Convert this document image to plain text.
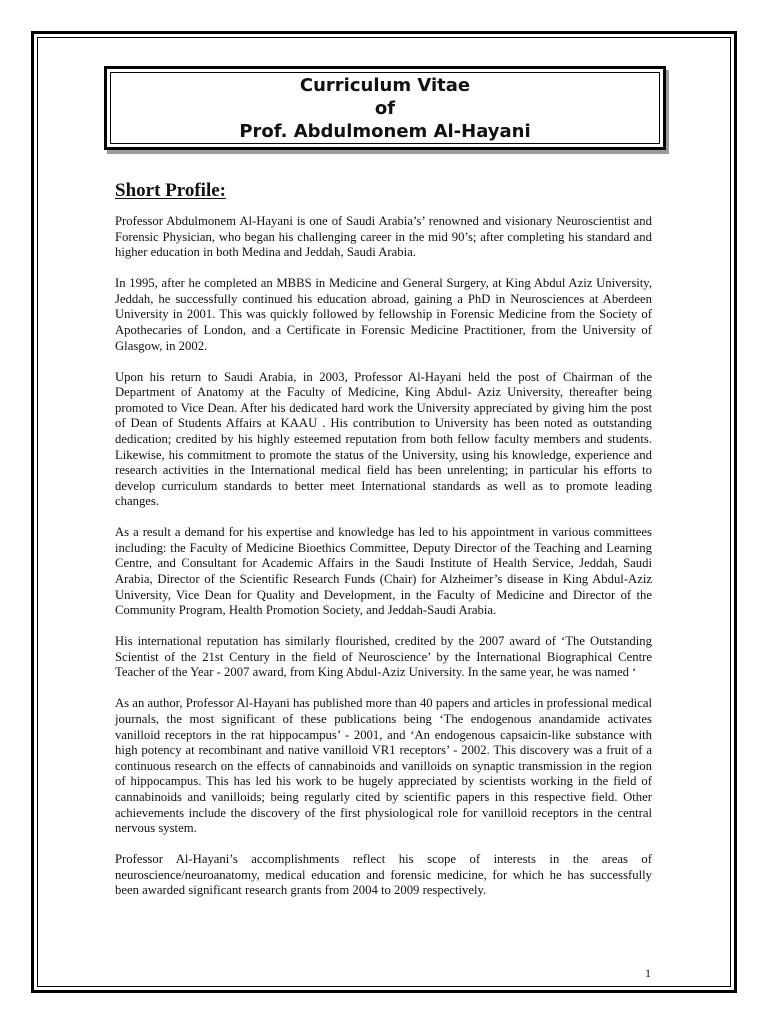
Curriculum Vitae
of
Prof. Abdulmonem Al-Hayani
Short Profile:

Professor Abdulmonem Al-Hayani is one of Saudi Arabia’s’ renowned and visionary Neuroscientist and Forensic Physician, who began his challenging career in the mid 90’s; after completing his standard and higher education in both Medina and Jeddah, Saudi Arabia.

In 1995, after he completed an MBBS in Medicine and General Surgery, at King Abdul Aziz University, Jeddah, he successfully continued his education abroad, gaining a PhD in Neurosciences at Aberdeen University in 2001. This was quickly followed by fellowship in Forensic Medicine from the Society of Apothecaries of London, and a Certificate in Forensic Medicine Practitioner, from the University of Glasgow, in 2002.

Upon his return to Saudi Arabia, in 2003, Professor Al-Hayani held the post of Chairman of the Department of Anatomy at the Faculty of Medicine, King Abdul- Aziz University, thereafter being promoted to Vice Dean. After his dedicated hard work the University appreciated by giving him the post of Dean of Students Affairs at KAAU . His contribution to University has been noted as outstanding dedication; credited by his highly esteemed reputation from both fellow faculty members and students. Likewise, his commitment to promote the status of the University, using his knowledge, experience and research activities in the International medical field has been unrelenting; in particular his efforts to develop curriculum standards to better meet International standards as well as to promote leading changes.

As a result a demand for his expertise and knowledge has led to his appointment in various committees including: the Faculty of Medicine Bioethics Committee, Deputy Director of the Teaching and Learning Centre, and Consultant for Academic Affairs in the Saudi Institute of Health Service, Jeddah, Saudi Arabia, Director of the Scientific Research Funds (Chair) for Alzheimer’s disease in King Abdul-Aziz University, Vice Dean for Quality and Development, in the Faculty of Medicine and Director of the Community Program, Health Promotion Society, and Jeddah-Saudi Arabia.

His international reputation has similarly flourished, credited by the 2007 award of ‘The Outstanding Scientist of the 21st Century in the field of Neuroscience’ by the International Biographical Centre Teacher of the Year - 2007 award, from King Abdul-Aziz University. In the same year, he was named ‘

As an author, Professor Al-Hayani has published more than 40 papers and articles in professional medical journals, the most significant of these publications being ‘The endogenous anandamide activates vanilloid receptors in the rat hippocampus’ - 2001, and ‘An endogenous capsaicin-like substance with high potency at recombinant and native vanilloid VR1 receptors’ - 2002. This discovery was a fruit of a continuous research on the effects of cannabinoids and vanilloids on synaptic transmission in the region of hippocampus. This has led his work to be hugely appreciated by scientists working in the field of cannabinoids and vanilloids; being regularly cited by scientific papers in this respective field. Other achievements include the discovery of the first physiological role for vanilloid receptors in the central nervous system.

Professor Al-Hayani’s accomplishments reflect his scope of interests in the areas of neuroscience/neuroanatomy, medical education and forensic medicine, for which he has successfully been awarded significant research grants from 2004 to 2009 respectively.

1
